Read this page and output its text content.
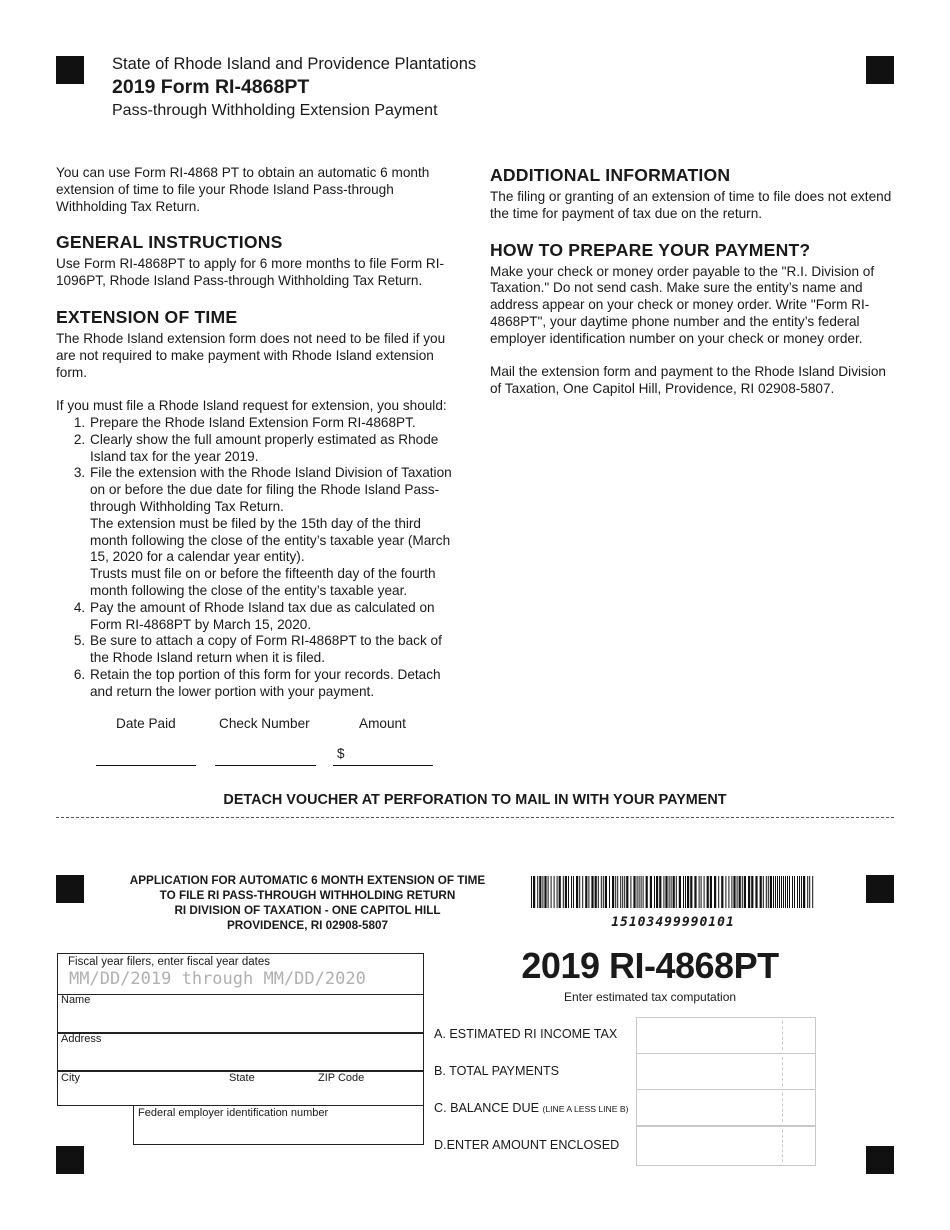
State of Rhode Island and Providence Plantations
2019 Form RI-4868PT
Pass-through Withholding Extension Payment

You can use Form RI-4868 PT to obtain an automatic 6 month extension of time to file your Rhode Island Pass-through Withholding Tax Return.

GENERAL INSTRUCTIONS

Use Form RI-4868PT to apply for 6 more months to file Form RI-1096PT, Rhode Island Pass-through Withholding Tax Return.

EXTENSION OF TIME

The Rhode Island extension form does not need to be filed if you are not required to make payment with Rhode Island extension form.

If you must file a Rhode Island request for extension, you should:

1. Prepare the Rhode Island Extension Form RI-4868PT.
2. Clearly show the full amount properly estimated as Rhode Island tax for the year 2019.
3. File the extension with the Rhode Island Division of Taxation on or before the due date for filing the Rhode Island Pass-through Withholding Tax Return.
The extension must be filed by the 15th day of the third month following the close of the entity’s taxable year (March 15, 2020 for a calendar year entity).
Trusts must file on or before the fifteenth day of the fourth month following the close of the entity’s taxable year.
4. Pay the amount of Rhode Island tax due as calculated on Form RI-4868PT by March 15, 2020.
5. Be sure to attach a copy of Form RI-4868PT to the back of the Rhode Island return when it is filed.
6. Retain the top portion of this form for your records. Detach and return the lower portion with your payment.
ADDITIONAL INFORMATION

The filing or granting of an extension of time to file does not extend the time for payment of tax due on the return.

HOW TO PREPARE YOUR PAYMENT?

Make your check or money order payable to the "R.I. Division of Taxation." Do not send cash. Make sure the entity’s name and address appear on your check or money order. Write "Form RI-4868PT", your daytime phone number and the entity’s federal employer identification number on your check or money order.

Mail the extension form and payment to the Rhode Island Division of Taxation, One Capitol Hill, Providence, RI 02908-5807.

Date Paid	Check Number	Amount
$
DETACH VOUCHER AT PERFORATION TO MAIL IN WITH YOUR PAYMENT
APPLICATION FOR AUTOMATIC 6 MONTH EXTENSION OF TIME
TO FILE RI PASS-THROUGH WITHHOLDING RETURN
RI DIVISION OF TAXATION - ONE CAPITOL HILL
PROVIDENCE, RI 02908-5807	15103499990101
2019 RI-4868PT
Enter estimated tax computation
Fiscal year filers, enter fiscal year dates
MM/DD/2019 through MM/DD/2020
Name
Address
City	State	ZIP Code
Federal employer identification number
A. ESTIMATED RI INCOME TAX
B. TOTAL PAYMENTS
C. BALANCE DUE (LINE A LESS LINE B)
D.ENTER AMOUNT ENCLOSED
